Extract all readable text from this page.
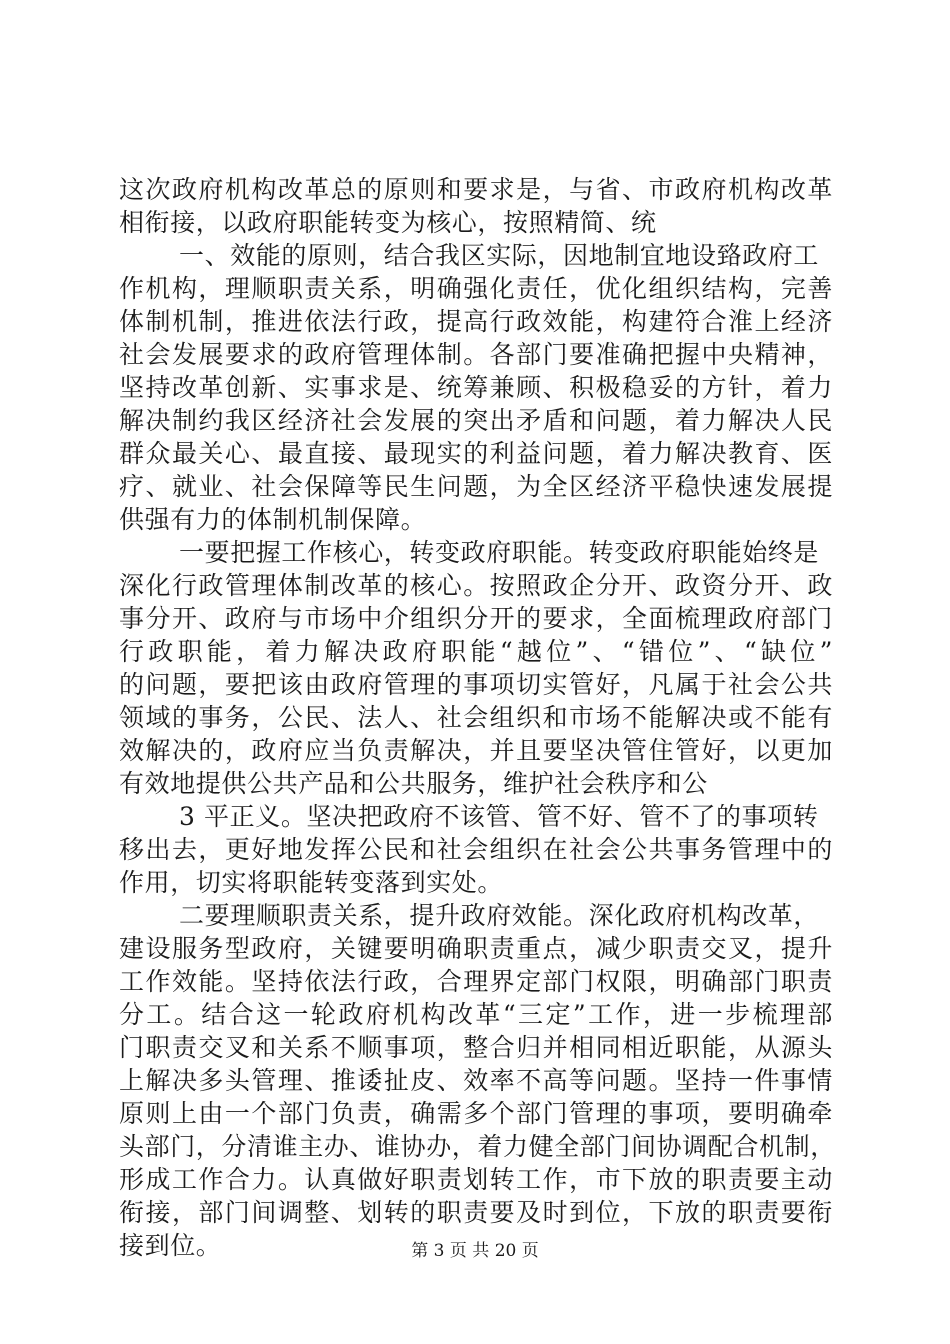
这次政府机构改革总的原则和要求是，与省、市政府机构改革
相衔接，以政府职能转变为核心，按照精简、统
一、效能的原则，结合我区实际，因地制宜地设臵政府工
作机构，理顺职责关系，明确强化责任，优化组织结构，完善
体制机制，推进依法行政，提高行政效能，构建符合淮上经济
社会发展要求的政府管理体制。各部门要准确把握中央精神，
坚持改革创新、实事求是、统筹兼顾、积极稳妥的方针，着力
解决制约我区经济社会发展的突出矛盾和问题，着力解决人民
群众最关心、最直接、最现实的利益问题，着力解决教育、医
疗、就业、社会保障等民生问题，为全区经济平稳快速发展提
供强有力的体制机制保障。
一要把握工作核心，转变政府职能。转变政府职能始终是
深化行政管理体制改革的核心。按照政企分开、政资分开、政
事分开、政府与市场中介组织分开的要求，全面梳理政府部门
行政职能，着力解决政府职能“越位”、“错位”、“缺位”
的问题，要把该由政府管理的事项切实管好，凡属于社会公共
领域的事务，公民、法人、社会组织和市场不能解决或不能有
效解决的，政府应当负责解决，并且要坚决管住管好，以更加
有效地提供公共产品和公共服务，维护社会秩序和公
3 平正义。坚决把政府不该管、管不好、管不了的事项转
移出去，更好地发挥公民和社会组织在社会公共事务管理中的
作用，切实将职能转变落到实处。
二要理顺职责关系，提升政府效能。深化政府机构改革，
建设服务型政府，关键要明确职责重点，减少职责交叉，提升
工作效能。坚持依法行政，合理界定部门权限，明确部门职责
分工。结合这一轮政府机构改革“三定”工作，进一步梳理部
门职责交叉和关系不顺事项，整合归并相同相近职能，从源头
上解决多头管理、推诿扯皮、效率不高等问题。坚持一件事情
原则上由一个部门负责，确需多个部门管理的事项，要明确牵
头部门，分清谁主办、谁协办，着力健全部门间协调配合机制，
形成工作合力。认真做好职责划转工作，市下放的职责要主动
衔接，部门间调整、划转的职责要及时到位，下放的职责要衔
接到位。	第 3 页 共 20 页
